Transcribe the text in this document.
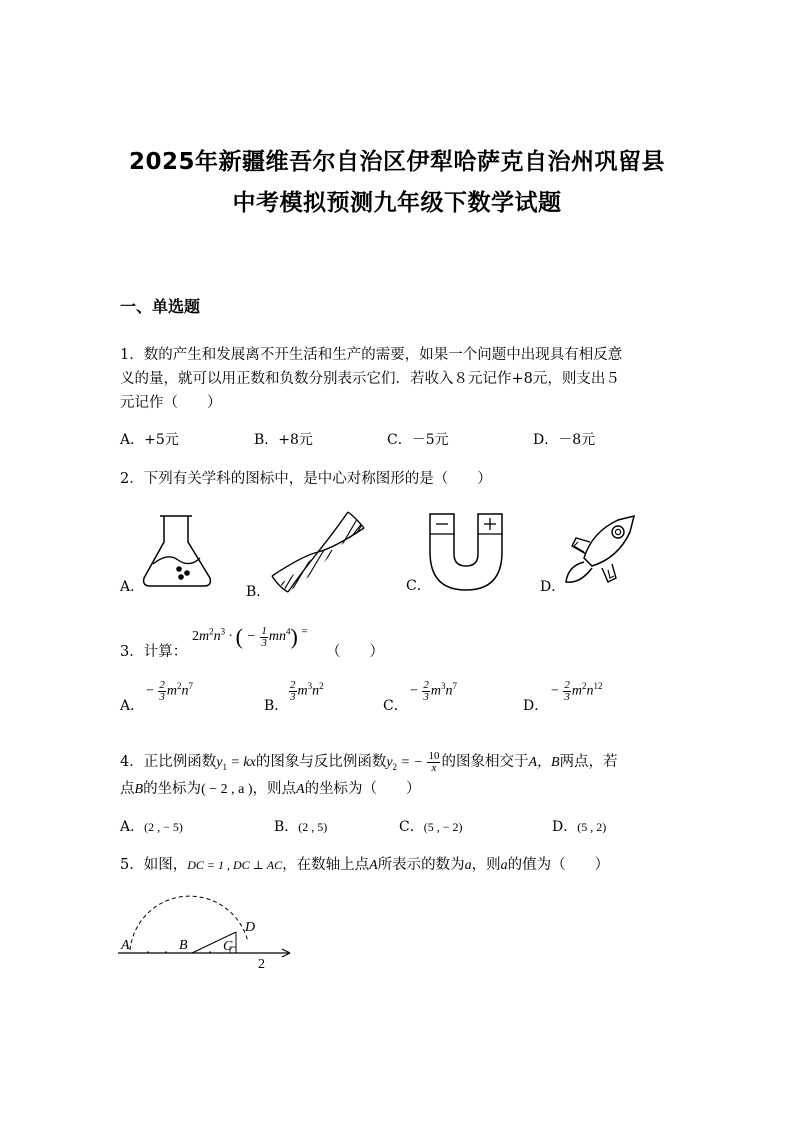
2025年新疆维吾尔自治区伊犁哈萨克自治州巩留县
中考模拟预测九年级下数学试题
一、单选题
1．数的产生和发展离不开生活和生产的需要，如果一个问题中出现具有相反意
义的量，就可以用正数和负数分别表示它们．若收入８元记作+8元，则支出５
元记作（　　）
A．+5元	B．+8元	C．－5元	D．－8元
2．下列有关学科的图标中，是中心对称图形的是（　　）
A．	B．	C．	D．
3．计算：
$2m^2n^3$ · ( − $\frac{1}{3} mn^4$) =
（　　）
A．
− $\frac{2}{3} m^2n^7$
B．
$\frac{2}{3} m^3n^2$
C．
− $\frac{2}{3} m^3n^7$
D．
− $\frac{2}{3} m^2n^{12}$
4．正比例函数$y_1$ = kx的图象与反比例函数$y_2$ = − $\frac{10}{x}$ 的图象相交于A，B两点，若
点B的坐标为( − 2 , a )，则点A的坐标为（　　）
A．(2 , − 5)	B．(2 , 5)	C．(5 , − 2)	D．(5 , 2)
5．如图，DC = 1 , DC ⊥ AC，在数轴上点A所表示的数为a，则a的值为（　　）
A	B	C
D
2
